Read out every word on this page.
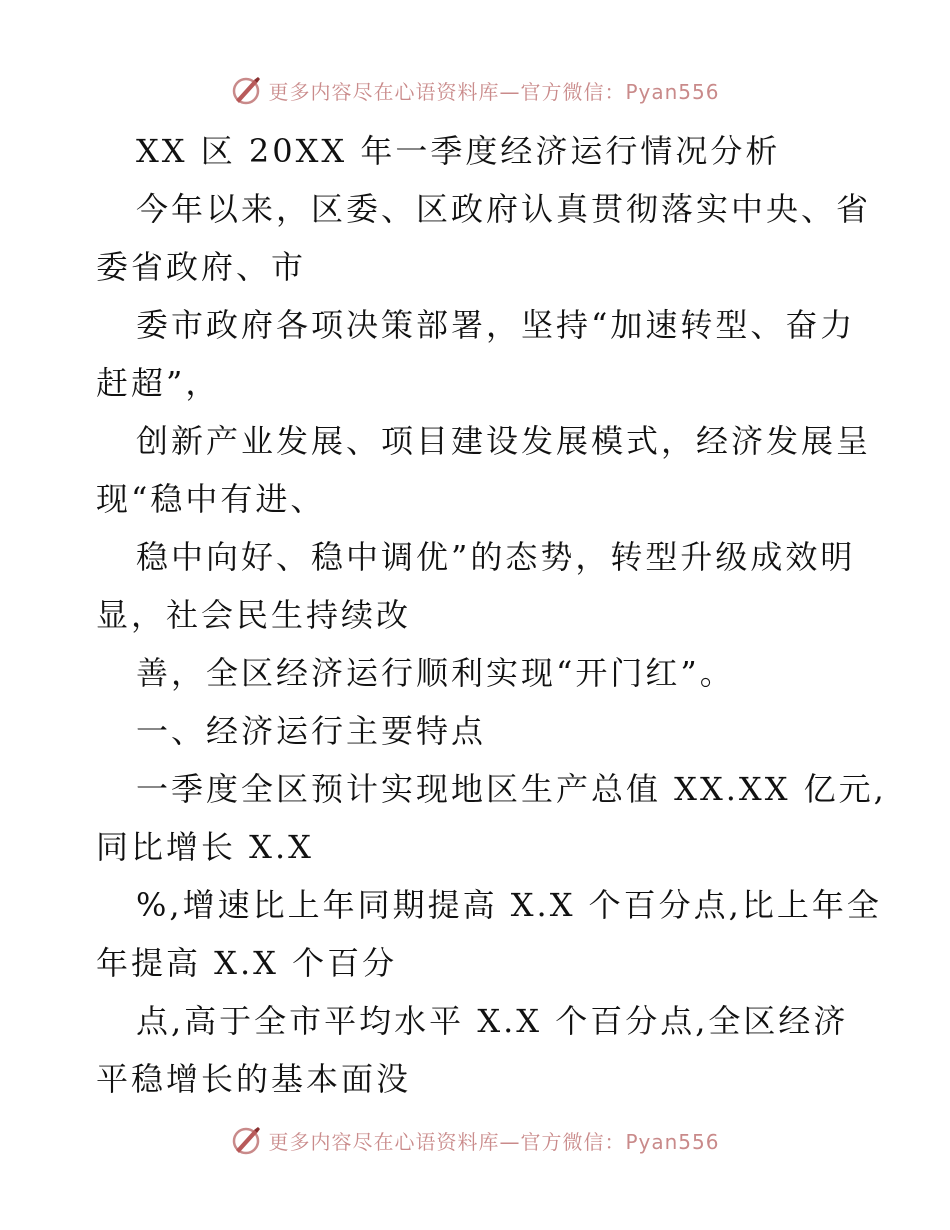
更多内容尽在心语资料库—官方微信：Pyan556
XX 区 20XX 年一季度经济运行情况分析
今年以来，区委、区政府认真贯彻落实中央、省
委省政府、市
委市政府各项决策部署，坚持“加速转型、奋力
赶超”，
创新产业发展、项目建设发展模式，经济发展呈
现“稳中有进、
稳中向好、稳中调优”的态势，转型升级成效明
显，社会民生持续改
善，全区经济运行顺利实现“开门红”。
一、经济运行主要特点
一季度全区预计实现地区生产总值 XX.XX 亿元,
同比增长 X.X
%,增速比上年同期提高 X.X 个百分点,比上年全
年提高 X.X 个百分
点,高于全市平均水平 X.X 个百分点,全区经济
平稳增长的基本面没
更多内容尽在心语资料库—官方微信：Pyan556
